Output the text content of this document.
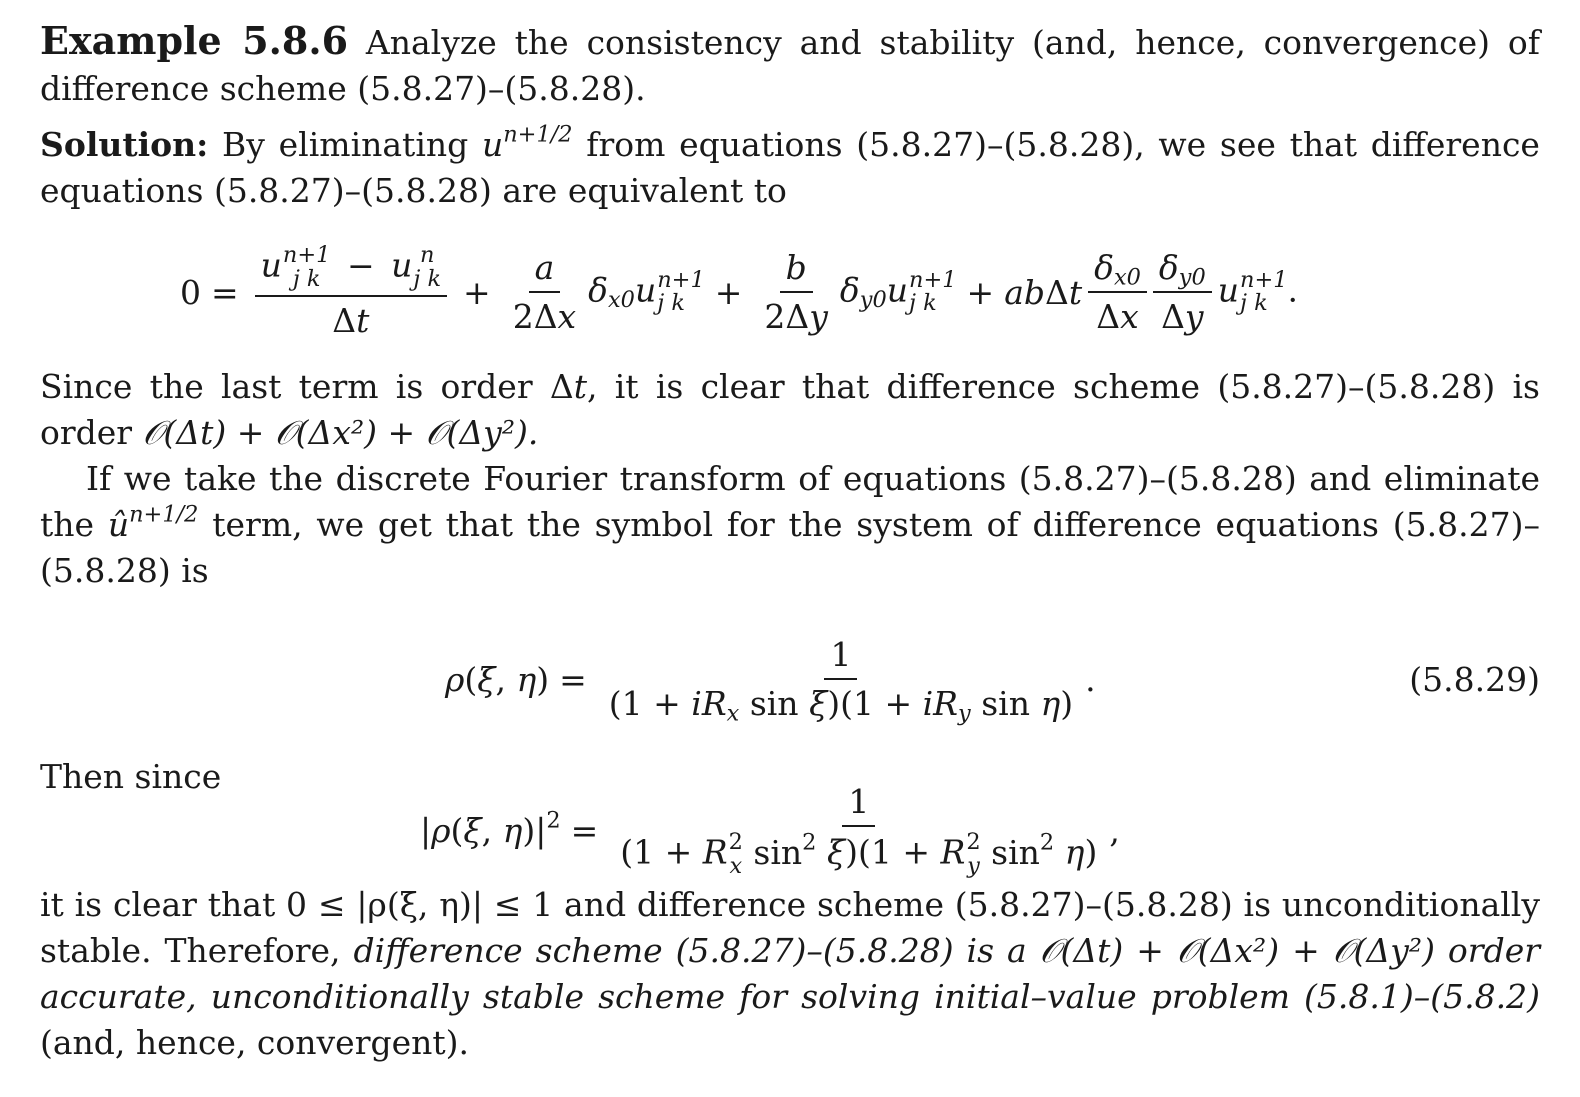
Example 5.8.6 Analyze the consistency and stability (and, hence, convergence) of difference scheme (5.8.27)–(5.8.28).

Solution: By eliminating $u^{n+1/2}$ from equations (5.8.27)–(5.8.28), we see that difference equations (5.8.27)–(5.8.28) are equivalent to

0 = u n+1
j k − u n
j k
$\Delta t + \frac{a}{2\Delta x} \delta_{x0}u$ n+1
j $k + \frac{b}{2\Delta y} \delta_{y0}u$ n+1
j k + abΔt $\frac{\delta_{x0}}{\Delta x} \frac{\delta_{y0}}{\Delta y}$ u n+1
j k .

Since the last term is order Δt, it is clear that difference scheme (5.8.27)–(5.8.28) is order 𝒪(Δt) + 𝒪(Δx²) + 𝒪(Δy²).

If we take the discrete Fourier transform of equations (5.8.27)–(5.8.28) and eliminate the $û^{n+1/2}$ term, we get that the symbol for the system of difference equations (5.8.27)–(5.8.28) is

ρ(ξ, $\eta) = \frac{1}{(1 + iR_x \sin \xi)(1 + iR_y \sin \eta)}$ .	(5.8.29)

Then since

|ρ(ξ, $\eta)|^2 = 1$
(1 + R 2
x $\sin^2 \xi)(1 + R$ 2
y $\sin^2 \eta$) ,

it is clear that 0 ≤ |ρ(ξ, η)| ≤ 1 and difference scheme (5.8.27)–(5.8.28) is unconditionally stable. Therefore, difference scheme (5.8.27)–(5.8.28) is a 𝒪(Δt) + 𝒪(Δx²) + 𝒪(Δy²) order accurate, unconditionally stable scheme for solving initial–value problem (5.8.1)–(5.8.2) (and, hence, convergent).
